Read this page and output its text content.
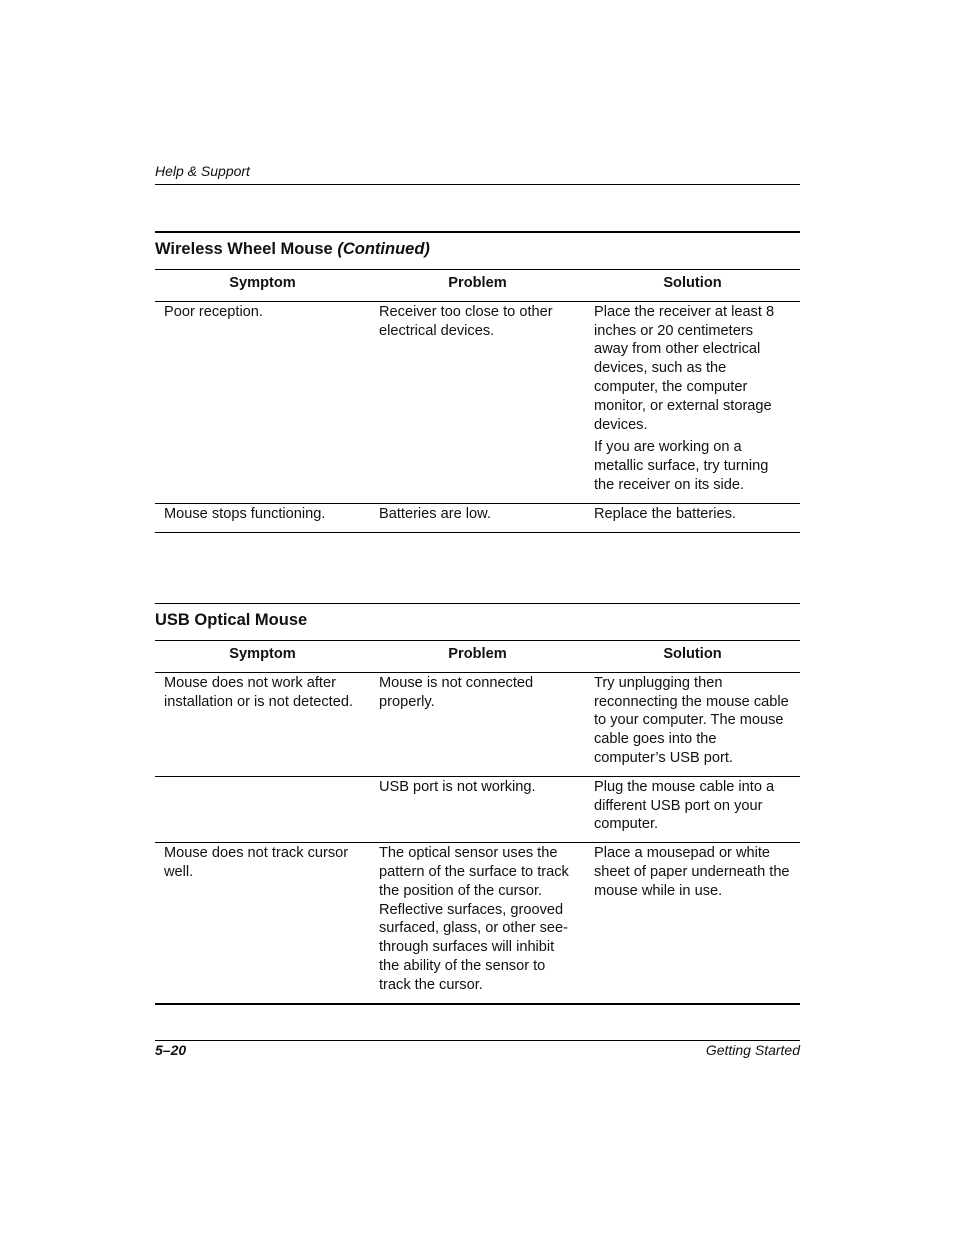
Help & Support
Wireless Wheel Mouse (Continued)
Symptom	Problem	Solution
Poor reception.	Receiver too close to other electrical devices.	Place the receiver at least 8 inches or 20 centimeters away from other electrical devices, such as the computer, the computer monitor, or external storage devices.

If you are working on a metallic surface, try turning the receiver on its side.

Mouse stops functioning.	Batteries are low.	Replace the batteries.

USB Optical Mouse
Symptom	Problem	Solution
Mouse does not work after installation or is not detected.	Mouse is not connected properly.	Try unplugging then reconnecting the mouse cable to your computer. The mouse cable goes into the computer’s USB port.

	USB port is not working.	Plug the mouse cable into a different USB port on your computer.

Mouse does not track cursor well.	The optical sensor uses the pattern of the surface to track the position of the cursor. Reflective surfaces, grooved surfaced, glass, or other see-through surfaces will inhibit the ability of the sensor to track the cursor.	Place a mousepad or white sheet of paper underneath the mouse while in use.

5–20	Getting Started
